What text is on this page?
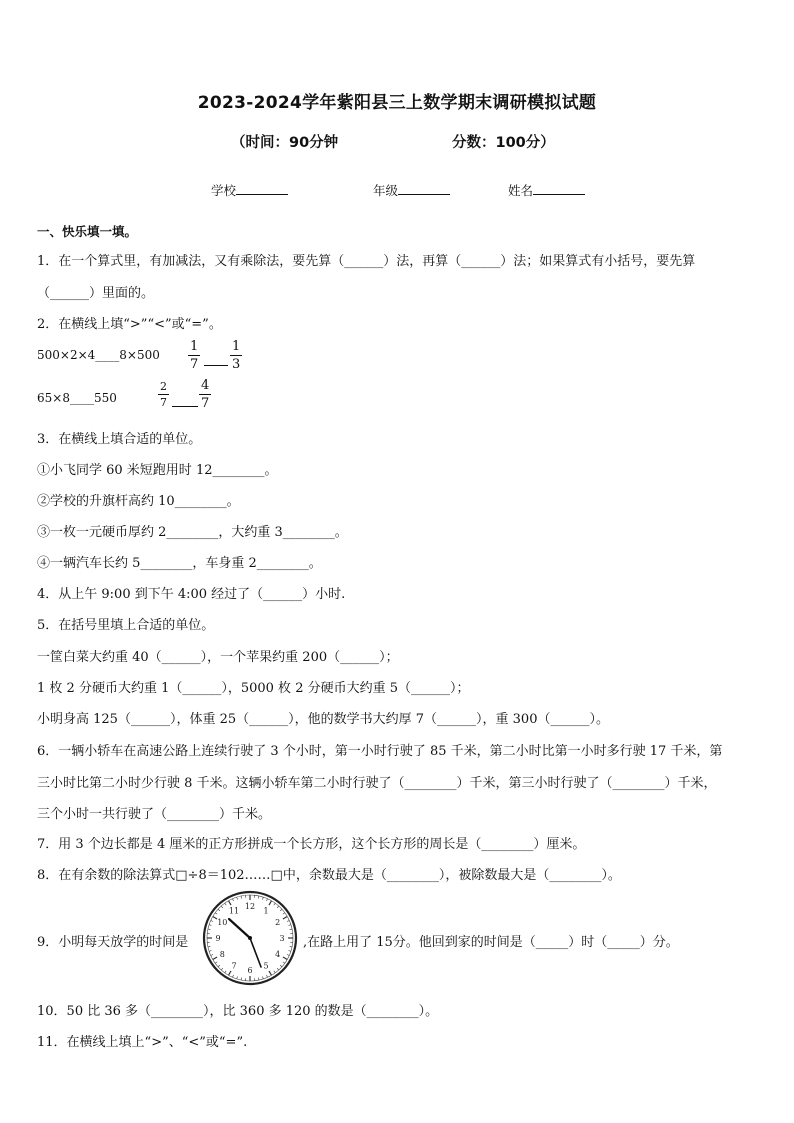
2023-2024学年紫阳县三上数学期末调研模拟试题
（时间：90分钟	分数：100分）
学校	年级	姓名
一、快乐填一填。
1．在一个算式里，有加减法，又有乘除法，要先算（______）法，再算（______）法；如果算式有小括号，要先算
（______）里面的。
2．在横线上填“>”“<”或“=”。
500×2×4____8×500
1
7
1
3
65×8____550
2
7
4
7
3．在横线上填合适的单位。
①小飞同学 60 米短跑用时 12________。
②学校的升旗杆高约 10________。
③一枚一元硬币厚约 2________，大约重 3________。
④一辆汽车长约 5________，车身重 2________。
4．从上午 9:00 到下午 4:00 经过了（______）小时.
5．在括号里填上合适的单位。
一筐白菜大约重 40（______），一个苹果约重 200（______）；
1 枚 2 分硬币大约重 1（______），5000 枚 2 分硬币大约重 5（______）；
小明身高 125（______），体重 25（______），他的数学书大约厚 7（______），重 300（______）。
6．一辆小轿车在高速公路上连续行驶了 3 个小时，第一小时行驶了 85 千米，第二小时比第一小时多行驶 17 千米，第
三小时比第二小时少行驶 8 千米。这辆小轿车第二小时行驶了（________）千米，第三小时行驶了（________）千米，
三个小时一共行驶了（________）千米。
7．用 3 个边长都是 4 厘米的正方形拼成一个长方形，这个长方形的周长是（________）厘米。
8．在有余数的除法算式□÷8＝102……□中，余数最大是（________），被除数最大是（________）。
9．小明每天放学的时间是	,在路上用了 15分。他回到家的时间是（_____）时（_____）分。
12 1
2
3
4
5
6
7
8
9
10
11
10．50 比 36 多（________），比 360 多 120 的数是（________）。
11．在横线上填上“>”、“<”或“=”.
